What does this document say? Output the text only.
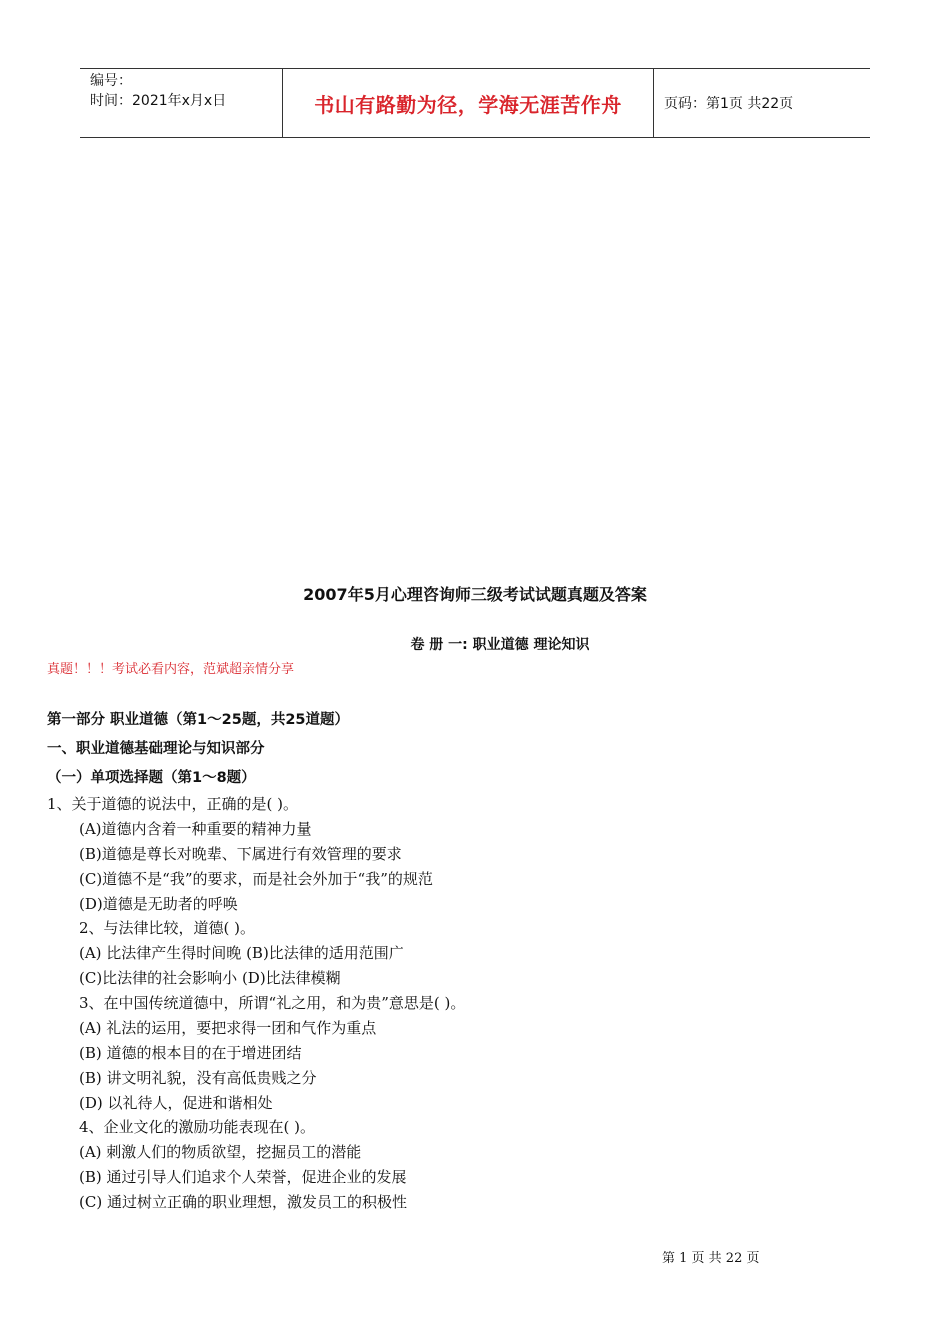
编号：
时间：2021年x月x日	书山有路勤为径，学海无涯苦作舟	页码：第1页 共22页
2007年5月心理咨询师三级考试试题真题及答案
卷 册 一: 职业道德 理论知识
真题！！！考试必看内容，范斌超亲情分享
第一部分 职业道德（第1～25题，共25道题）
一、职业道德基础理论与知识部分
（一）单项选择题（第1～8题）
1、关于道德的说法中，正确的是( )。
(A)道德内含着一种重要的精神力量
(B)道德是尊长对晚辈、下属进行有效管理的要求
(C)道德不是“我”的要求，而是社会外加于“我”的规范
(D)道德是无助者的呼唤
2、与法律比较，道德( )。
(A) 比法律产生得时间晚 (B)比法律的适用范围广
(C)比法律的社会影响小 (D)比法律模糊
3、在中国传统道德中，所谓“礼之用，和为贵”意思是( )。
(A) 礼法的运用，要把求得一团和气作为重点
(B) 道德的根本目的在于增进团结
(B) 讲文明礼貌，没有高低贵贱之分
(D) 以礼待人，促进和谐相处
4、企业文化的激励功能表现在( )。
(A) 刺激人们的物质欲望，挖掘员工的潜能
(B) 通过引导人们追求个人荣誉，促进企业的发展
(C) 通过树立正确的职业理想，激发员工的积极性
第 1 页 共 22 页
